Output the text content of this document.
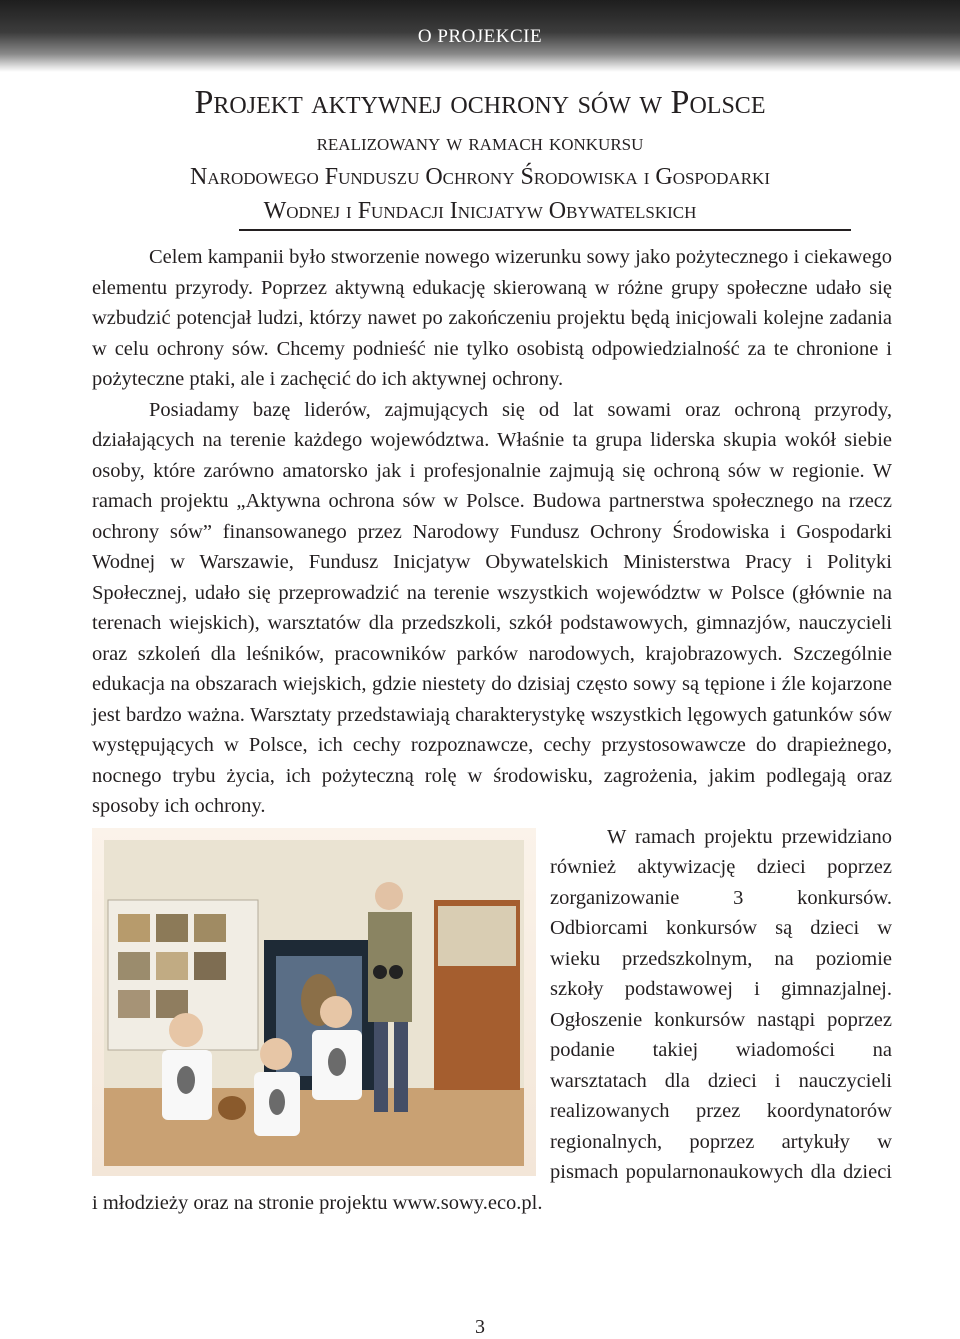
O PROJEKCIE
Projekt aktywnej ochrony sów w Polsce
realizowany w ramach konkursu
Narodowego Funduszu Ochrony Środowiska i Gospodarki
Wodnej i Fundacji Inicjatyw Obywatelskich

Celem kampanii było stworzenie nowego wizerunku sowy jako pożytecznego i ciekawego elementu przyrody. Poprzez aktywną edukację skierowaną w różne grupy społeczne udało się wzbudzić potencjał ludzi, którzy nawet po zakończeniu projektu będą inicjowali kolejne zadania w celu ochrony sów. Chcemy podnieść nie tylko osobistą odpowiedzialność za te chronione i pożyteczne ptaki, ale i zachęcić do ich aktywnej ochrony.

Posiadamy bazę liderów, zajmujących się od lat sowami oraz ochroną przyrody, działających na terenie każdego województwa. Właśnie ta grupa liderska skupia wokół siebie osoby, które zarówno amatorsko jak i profesjonalnie zajmują się ochroną sów w regionie. W ramach projektu „Aktywna ochrona sów w Polsce. Budowa partnerstwa społecznego na rzecz ochrony sów” finansowanego przez Narodowy Fundusz Ochrony Środowiska i Gospodarki Wodnej w Warszawie, Fundusz Inicjatyw Obywatelskich Ministerstwa Pracy i Polityki Społecznej, udało się przeprowadzić na terenie wszystkich województw w Polsce (głównie na terenach wiejskich), warsztatów dla przedszkoli, szkół podstawowych, gimnazjów, nauczycieli oraz szkoleń dla leśników, pracowników parków narodowych, krajobrazowych. Szczególnie edukacja na obszarach wiejskich, gdzie niestety do dzisiaj często sowy są tępione i źle kojarzone jest bardzo ważna. Warsztaty przedstawiają charakterystykę wszystkich lęgowych gatunków sów występujących w Polsce, ich cechy rozpoznawcze, cechy przystosowawcze do drapieżnego, nocnego trybu życia, ich pożyteczną rolę w środowisku, zagrożenia, jakim podlegają oraz sposoby ich ochrony.

W ramach projektu przewidziano również aktywizację dzieci poprzez zorganizowanie 3 konkursów. Odbiorcami konkursów są dzieci w wieku przedszkolnym, na poziomie szkoły podstawowej i gimnazjalnej. Ogłoszenie konkursów nastąpi poprzez podanie takiej wiadomości na warsztatach dla dzieci i nauczycieli realizowanych przez koordynatorów regionalnych, poprzez artykuły w pismach popularnonaukowych dla dzieci i młodzieży oraz na stronie projektu www.sowy.eco.pl.

3
